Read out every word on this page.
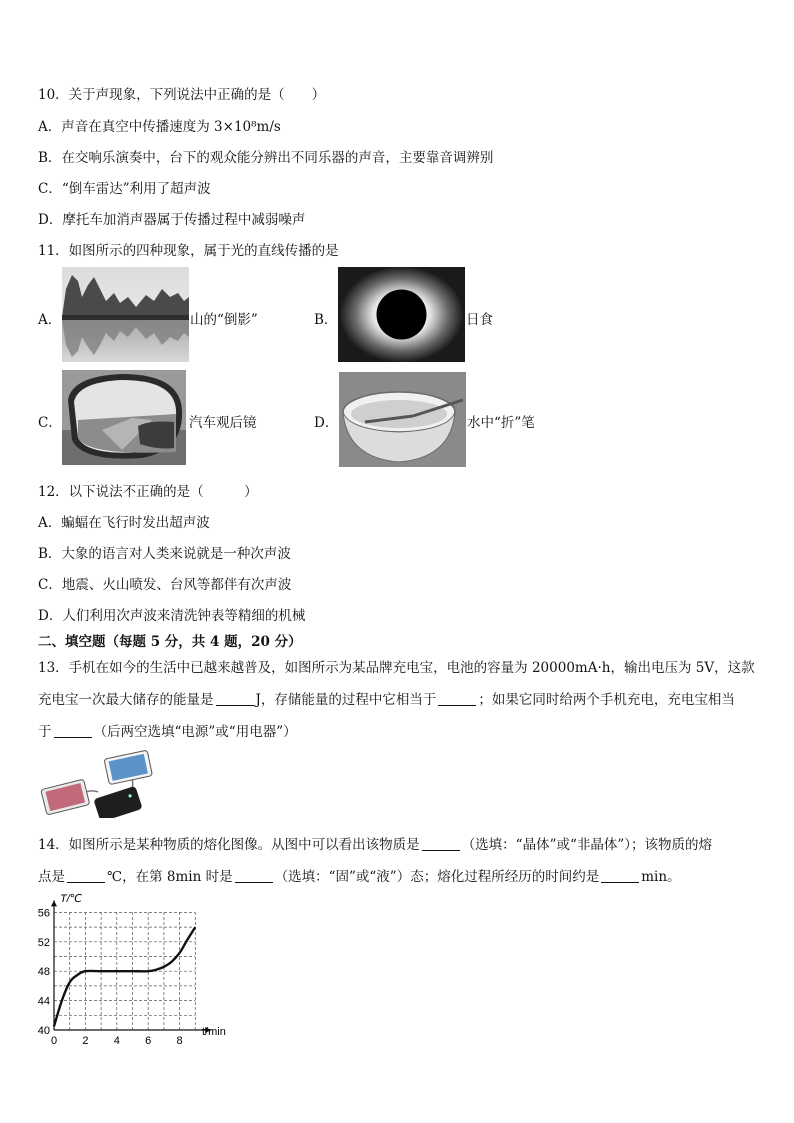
10．关于声现象，下列说法中正确的是（　　）
A．声音在真空中传播速度为 3×10⁸m/s
B．在交响乐演奏中，台下的观众能分辨出不同乐器的声音，主要靠音调辨别
C．“倒车雷达”利用了超声波
D．摩托车加消声器属于传播过程中减弱噪声
11．如图所示的四种现象，属于光的直线传播的是
A．	山的“倒影”	B．	日食
C．	汽车观后镜	D．	水中“折”笔
12．以下说法不正确的是（　　　）
A．蝙蝠在飞行时发出超声波
B．大象的语言对人类来说就是一种次声波
C．地震、火山喷发、台风等都伴有次声波
D．人们利用次声波来清洗钟表等精细的机械
二、填空题（每题 5 分，共 4 题，20 分）
13．手机在如今的生活中已越来越普及，如图所示为某品牌充电宝，电池的容量为 20000mA·h，输出电压为 5V，这款
充电宝一次最大储存的能量是	J，存储能量的过程中它相当于	；如果它同时给两个手机充电，充电宝相当
于	（后两空选填“电源”或“用电器”）
14．如图所示是某种物质的熔化图像。从图中可以看出该物质是	（选填：“晶体”或“非晶体”）；该物质的熔
点是	℃，在第 8min 时是	（选填：“固”或“液”）态；熔化过程所经历的时间约是	min。
0 2 4 6 8
40
44
48
52
56
T/℃
t/min
